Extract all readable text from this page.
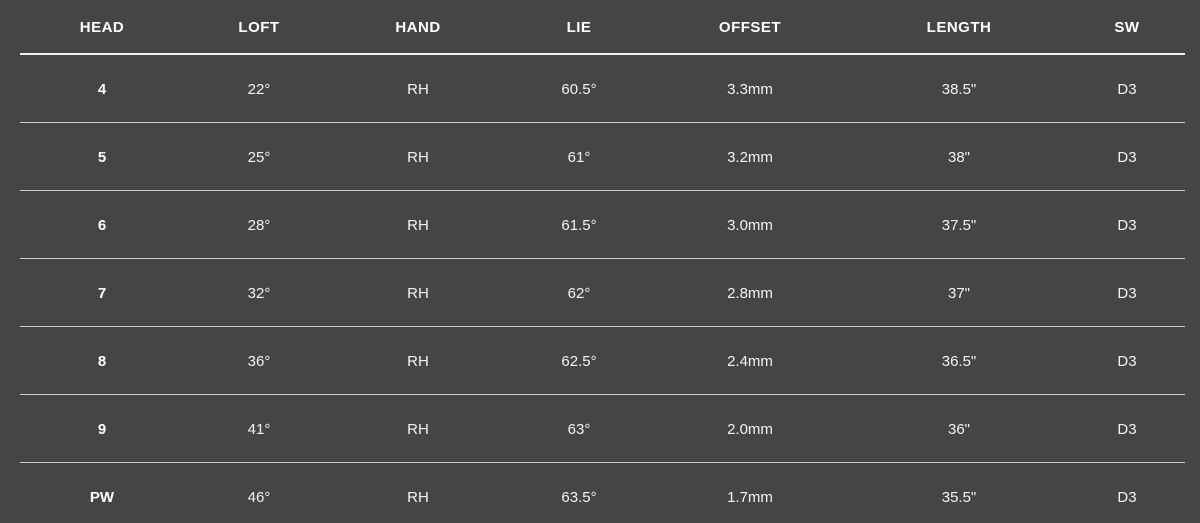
HEAD	LOFT	HAND	LIE	OFFSET	LENGTH	SW
4	22°	RH	60.5°	3.3mm	38.5"	D3
5	25°	RH	61°	3.2mm	38"	D3
6	28°	RH	61.5°	3.0mm	37.5"	D3
7	32°	RH	62°	2.8mm	37"	D3
8	36°	RH	62.5°	2.4mm	36.5"	D3
9	41°	RH	63°	2.0mm	36"	D3
PW	46°	RH	63.5°	1.7mm	35.5"	D3
